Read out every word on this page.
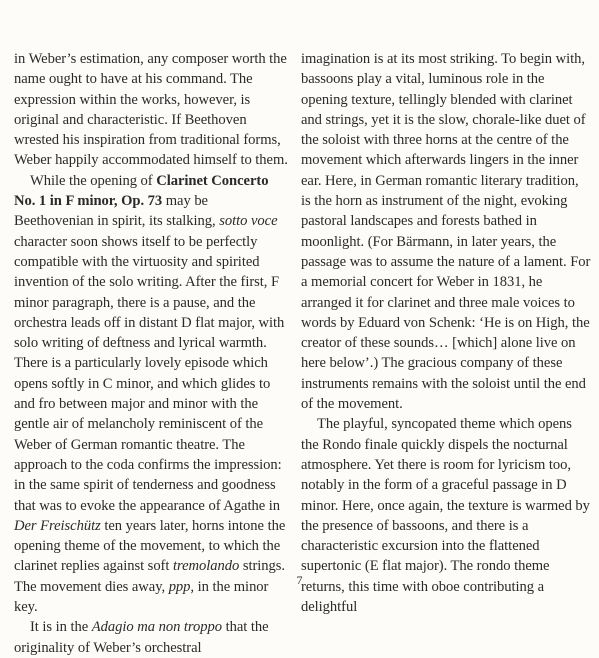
in Weber’s estimation, any composer worth the name ought to have at his command. The expression within the works, however, is original and characteristic. If Beethoven wrested his inspiration from traditional forms, Weber happily accommodated himself to them.

While the opening of Clarinet Concerto No. 1 in F minor, Op. 73 may be Beethovenian in spirit, its stalking, sotto voce character soon shows itself to be perfectly compatible with the virtuosity and spirited invention of the solo writing. After the first, F minor paragraph, there is a pause, and the orchestra leads off in distant D flat major, with solo writing of deftness and lyrical warmth. There is a particularly lovely episode which opens softly in C minor, and which glides to and fro between major and minor with the gentle air of melancholy reminiscent of the Weber of German romantic theatre. The approach to the coda confirms the impression: in the same spirit of tenderness and goodness that was to evoke the appearance of Agathe in Der Freischütz ten years later, horns intone the opening theme of the movement, to which the clarinet replies against soft tremolando strings. The movement dies away, ppp, in the minor key.

It is in the Adagio ma non troppo that the originality of Weber’s orchestral

imagination is at its most striking. To begin with, bassoons play a vital, luminous role in the opening texture, tellingly blended with clarinet and strings, yet it is the slow, chorale-like duet of the soloist with three horns at the centre of the movement which afterwards lingers in the inner ear. Here, in German romantic literary tradition, is the horn as instrument of the night, evoking pastoral landscapes and forests bathed in moonlight. (For Bärmann, in later years, the passage was to assume the nature of a lament. For a memorial concert for Weber in 1831, he arranged it for clarinet and three male voices to words by Eduard von Schenk: ‘He is on High, the creator of these sounds… [which] alone live on here below’.) The gracious company of these instruments remains with the soloist until the end of the movement.

The playful, syncopated theme which opens the Rondo finale quickly dispels the nocturnal atmosphere. Yet there is room for lyricism too, notably in the form of a graceful passage in D minor. Here, once again, the texture is warmed by the presence of bassoons, and there is a characteristic excursion into the flattened supertonic (E flat major). The rondo theme returns, this time with oboe contributing a delightful

7
